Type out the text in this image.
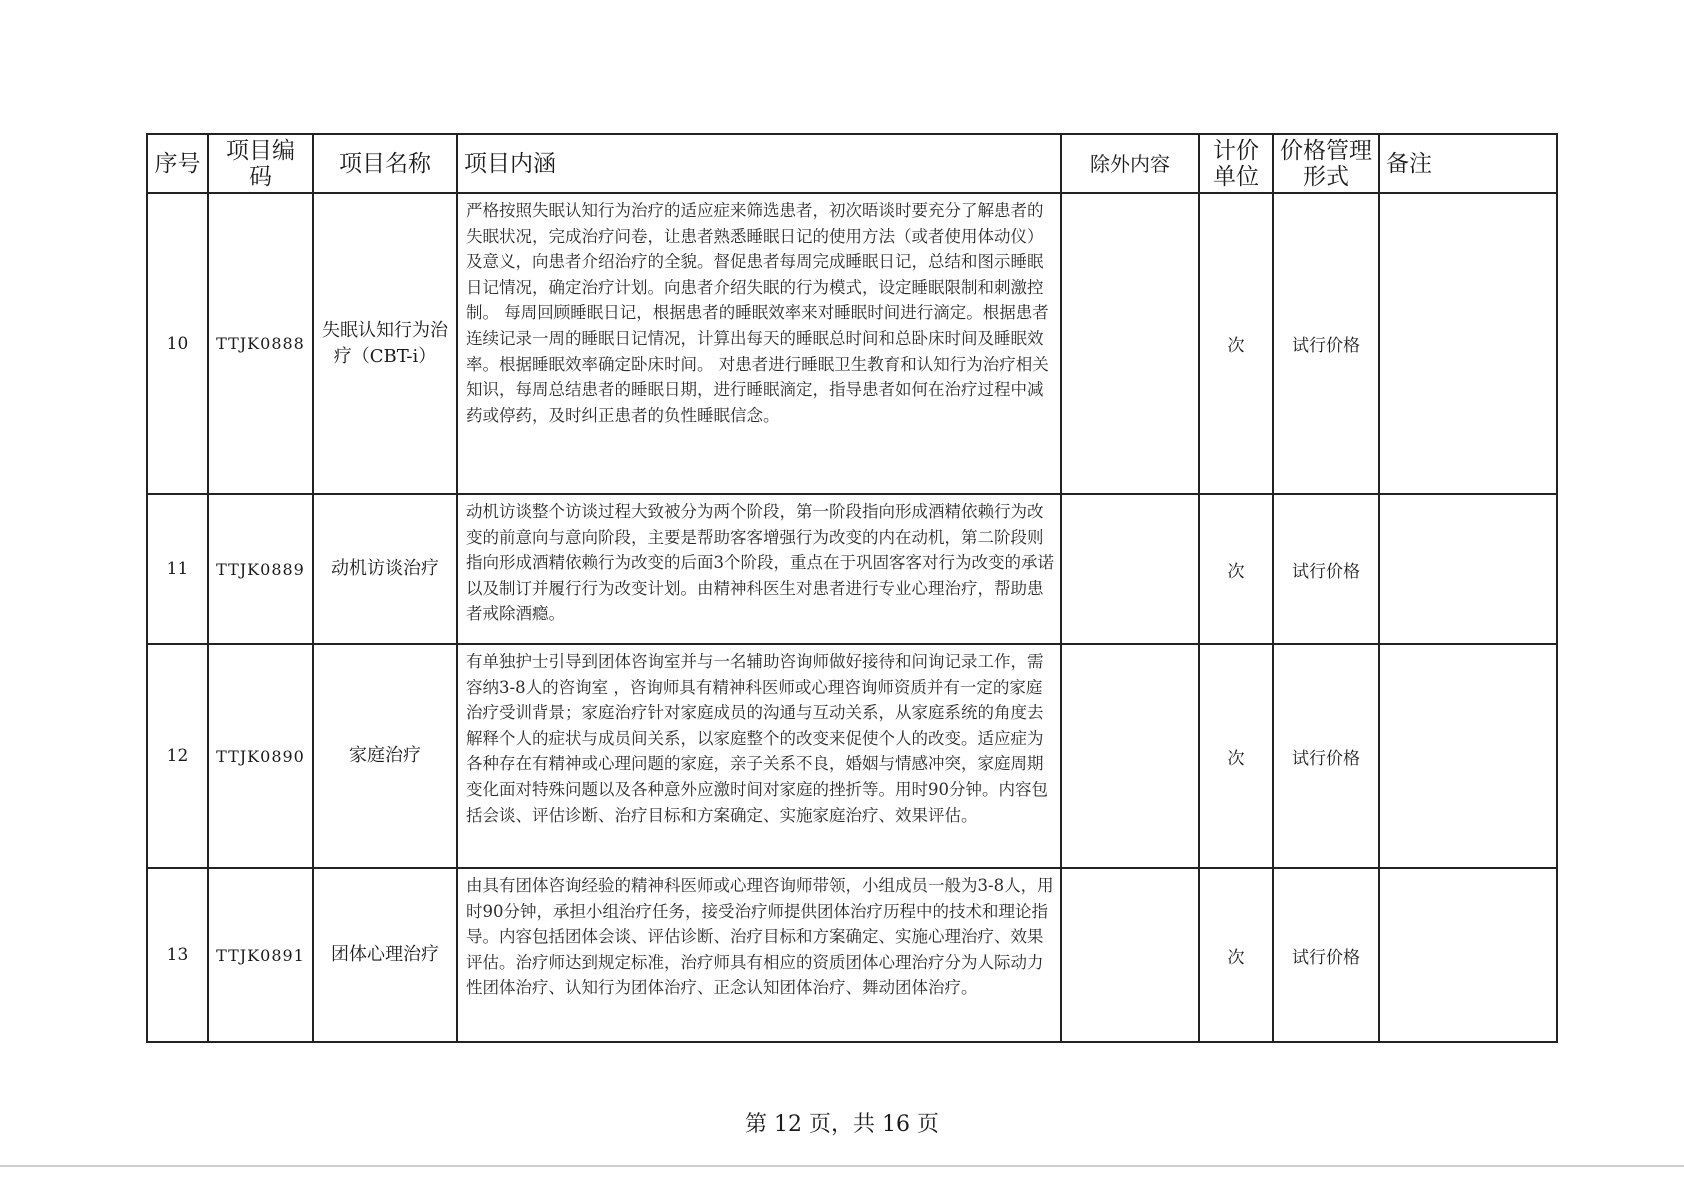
序号	项目编码	项目名称	项目内涵	除外内容	计价单位	价格管理形式	备注
10	TTJK0888	失眠认知行为治疗（CBT-i）	严格按照失眠认知行为治疗的适应症来筛选患者，初次晤谈时要充分了解患者的失眠状况，完成治疗问卷，让患者熟悉睡眠日记的使用方法（或者使用体动仪）及意义，向患者介绍治疗的全貌。督促患者每周完成睡眠日记，总结和图示睡眠日记情况，确定治疗计划。向患者介绍失眠的行为模式，设定睡眠限制和刺激控制。 每周回顾睡眠日记，根据患者的睡眠效率来对睡眠时间进行滴定。根据患者连续记录一周的睡眠日记情况，计算出每天的睡眠总时间和总卧床时间及睡眠效率。根据睡眠效率确定卧床时间。 对患者进行睡眠卫生教育和认知行为治疗相关知识，每周总结患者的睡眠日期，进行睡眠滴定，指导患者如何在治疗过程中减药或停药，及时纠正患者的负性睡眠信念。		次	试行价格	
11	TTJK0889	动机访谈治疗	动机访谈整个访谈过程大致被分为两个阶段，第一阶段指向形成酒精依赖行为改变的前意向与意向阶段，主要是帮助客客增强行为改变的内在动机，第二阶段则指向形成酒精依赖行为改变的后面3个阶段，重点在于巩固客客对行为改变的承诺以及制订并履行行为改变计划。由精神科医生对患者进行专业心理治疗，帮助患者戒除酒瘾。		次	试行价格	
12	TTJK0890	家庭治疗	有单独护士引导到团体咨询室并与一名辅助咨询师做好接待和问询记录工作，需容纳3-8人的咨询室 ，咨询师具有精神科医师或心理咨询师资质并有一定的家庭治疗受训背景；家庭治疗针对家庭成员的沟通与互动关系，从家庭系统的角度去解释个人的症状与成员间关系，以家庭整个的改变来促使个人的改变。适应症为各种存在有精神或心理问题的家庭，亲子关系不良，婚姻与情感冲突，家庭周期变化面对特殊问题以及各种意外应激时间对家庭的挫折等。用时90分钟。内容包括会谈、评估诊断、治疗目标和方案确定、实施家庭治疗、效果评估。		次	试行价格	
13	TTJK0891	团体心理治疗	由具有团体咨询经验的精神科医师或心理咨询师带领，小组成员一般为3-8人，用时90分钟，承担小组治疗任务，接受治疗师提供团体治疗历程中的技术和理论指导。内容包括团体会谈、评估诊断、治疗目标和方案确定、实施心理治疗、效果评估。治疗师达到规定标准，治疗师具有相应的资质团体心理治疗分为人际动力性团体治疗、认知行为团体治疗、正念认知团体治疗、舞动团体治疗。		次	试行价格	
第 12 页，共 16 页
